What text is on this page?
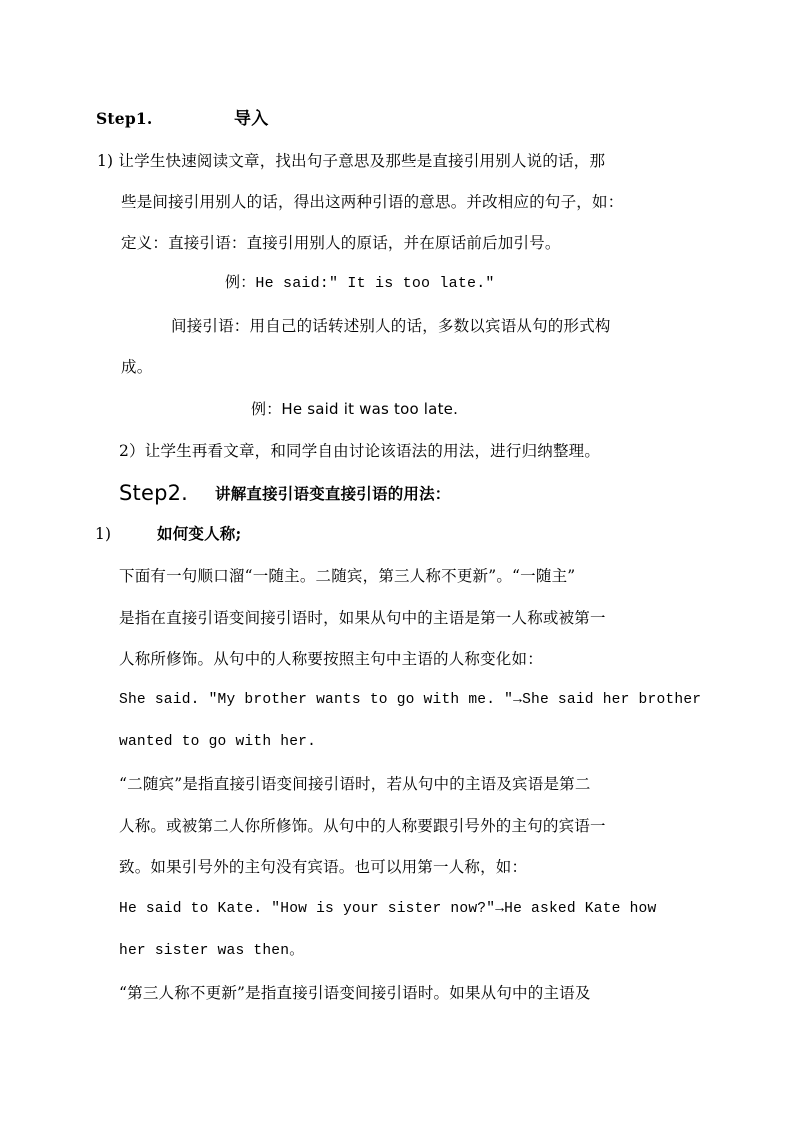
Step1.	导入
1) 让学生快速阅读文章，找出句子意思及那些是直接引用别人说的话，那
些是间接引用别人的话，得出这两种引语的意思。并改相应的句子，如：
定义：直接引语：直接引用别人的原话，并在原话前后加引号。
例：He said:" It is too late."
间接引语：用自己的话转述别人的话，多数以宾语从句的形式构
成。
例：He said it was too late.
2）让学生再看文章，和同学自由讨论该语法的用法，进行归纳整理。
Step2. 讲解直接引语变直接引语的用法：
1)	如何变人称;
下面有一句顺口溜“一随主。二随宾，第三人称不更新”。“一随主”
是指在直接引语变间接引语时，如果从句中的主语是第一人称或被第一
人称所修饰。从句中的人称要按照主句中主语的人称变化如：
She said. "My brother wants to go with me. "→She said her brother
wanted to go with her.
“二随宾”是指直接引语变间接引语时，若从句中的主语及宾语是第二
人称。或被第二人你所修饰。从句中的人称要跟引号外的主句的宾语一
致。如果引号外的主句没有宾语。也可以用第一人称，如：
He said to Kate. "How is your sister now?"→He asked Kate how
her sister was then。
“第三人称不更新”是指直接引语变间接引语时。如果从句中的主语及
